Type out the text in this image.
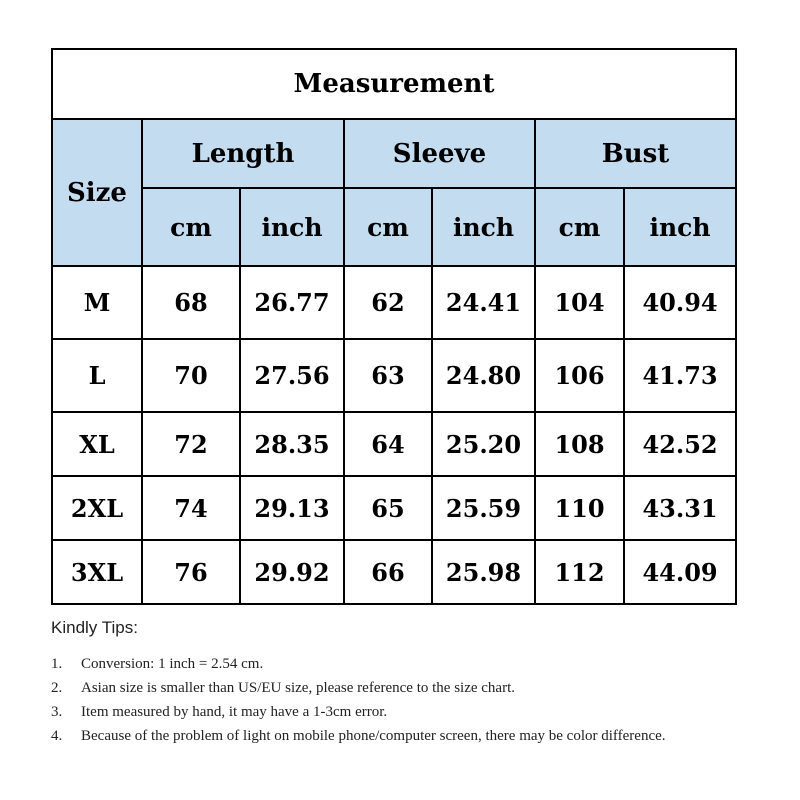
Measurement						
Size	Length		Sleeve		Bust	
	cm	inch	cm	inch	cm	inch
M	68	26.77	62	24.41	104	40.94
L	70	27.56	63	24.80	106	41.73
XL	72	28.35	64	25.20	108	42.52
2XL	74	29.13	65	25.59	110	43.31
3XL	76	29.92	66	25.98	112	44.09

Kindly Tips:

1.	Conversion: 1 inch = 2.54 cm.
2.	Asian size is smaller than US/EU size, please reference to the size chart.
3.	Item measured by hand, it may have a 1-3cm error.
4.	Because of the problem of light on mobile phone/computer screen, there may be color difference.
